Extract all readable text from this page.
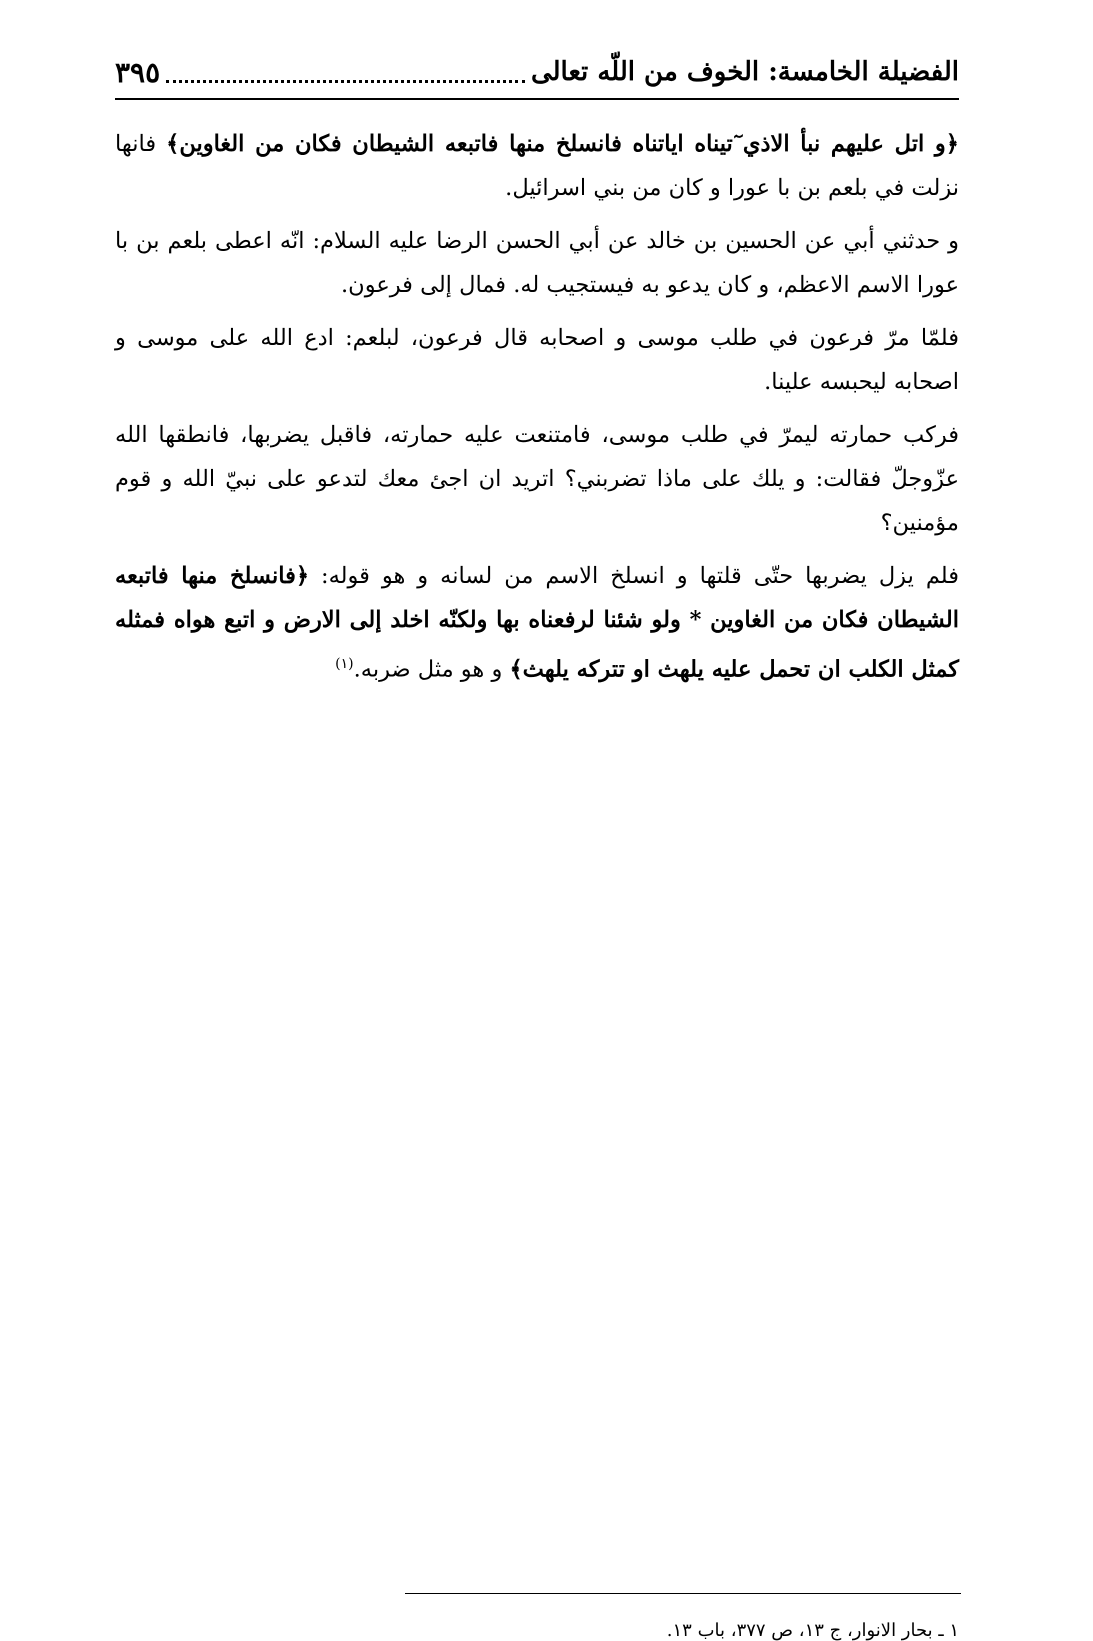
الفضيلة الخامسة: الخوف من اللّه تعالى
٣٩٥

﴿و اتل عليهم نبأ الاذي ٓتيناه اياتناه فانسلخ منها فاتبعه الشيطان فكان من الغاوين﴾ فانها نزلت في بلعم بن با عورا و كان من بني اسرائيل.

و حدثني أبي عن الحسين بن خالد عن أبي الحسن الرضا عليه السلام: انّه اعطى بلعم بن با عورا الاسم الاعظم، و كان يدعو به فيستجيب له. فمال إلى فرعون.

فلمّا مرّ فرعون في طلب موسى و اصحابه قال فرعون، لبلعم: ادع الله على موسى و اصحابه ليحبسه علينا.

فركب حمارته ليمرّ في طلب موسى، فامتنعت عليه حمارته، فاقبل يضربها، فانطقها الله عزّوجلّ فقالت: و يلك على ماذا تضربني؟ اتريد ان اجئ معك لتدعو على نبيّ الله و قوم مؤمنين؟

فلم يزل يضربها حتّى قلتها و انسلخ الاسم من لسانه و هو قوله: ﴿فانسلخ منها فاتبعه الشيطان فكان من الغاوين * ولو شئنا لرفعناه بها ولكنّه اخلد إلى الارض و اتبع هواه فمثله كمثل الكلب ان تحمل عليه يلهث او تتركه يلهث﴾ و هو مثل ضربه.$^{(١)}$

١ ـ بحار الانوار، ج ١٣، ص ٣٧٧، باب ١٣.
